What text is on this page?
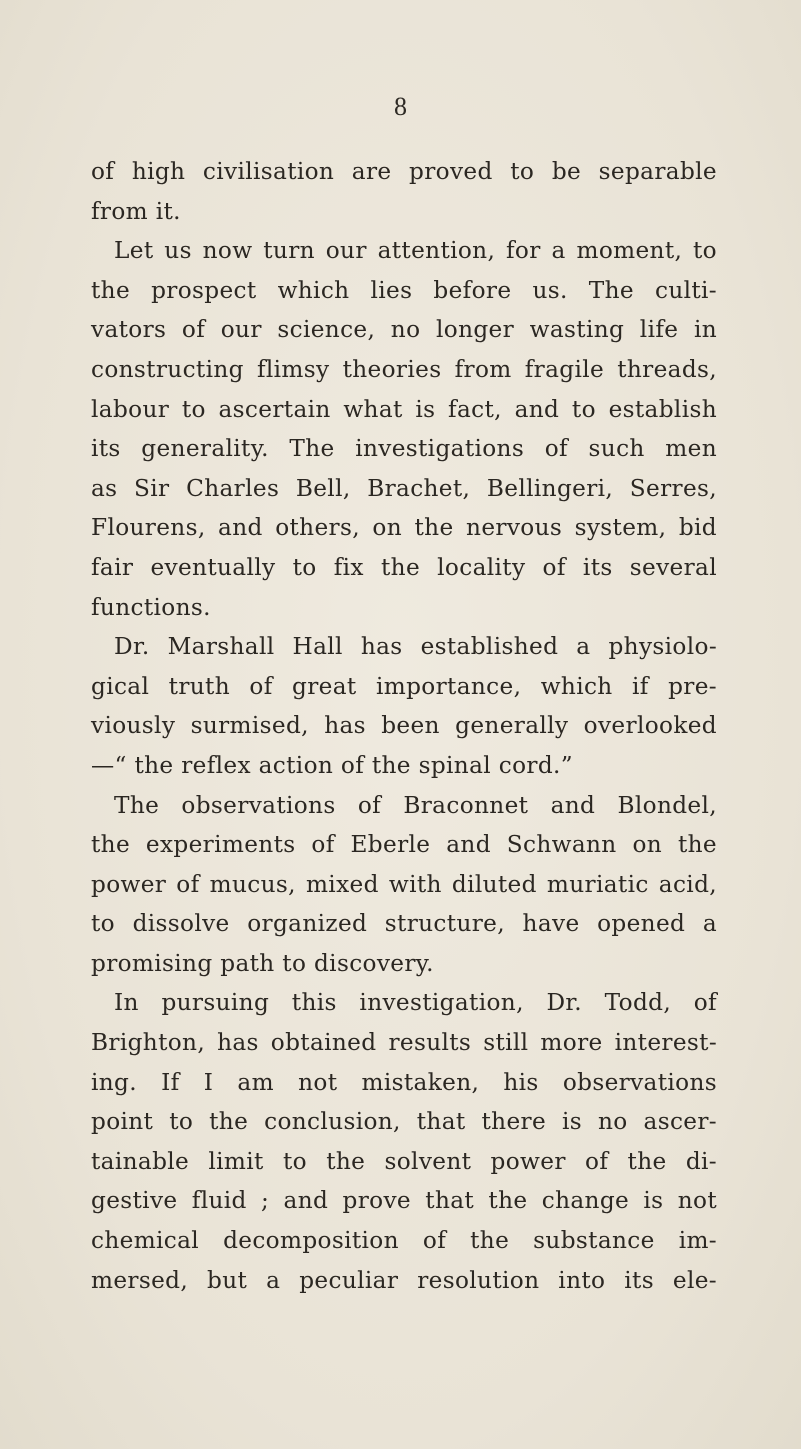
8
of high civilisation are proved to be separable
from it.
Let us now turn our attention, for a moment, to
the prospect which lies before us. The culti-
vators of our science, no longer wasting life in
constructing flimsy theories from fragile threads,
labour to ascertain what is fact, and to establish
its generality. The investigations of such men
as Sir Charles Bell, Brachet, Bellingeri, Serres,
Flourens, and others, on the nervous system, bid
fair eventually to fix the locality of its several
functions.
Dr. Marshall Hall has established a physiolo-
gical truth of great importance, which if pre-
viously surmised, has been generally overlooked
—“ the reflex action of the spinal cord.”
The observations of Braconnet and Blondel,
the experiments of Eberle and Schwann on the
power of mucus, mixed with diluted muriatic acid,
to dissolve organized structure, have opened a
promising path to discovery.
In pursuing this investigation, Dr. Todd, of
Brighton, has obtained results still more interest-
ing. If I am not mistaken, his observations
point to the conclusion, that there is no ascer-
tainable limit to the solvent power of the di-
gestive fluid ; and prove that the change is not
chemical decomposition of the substance im-
mersed, but a peculiar resolution into its ele-
